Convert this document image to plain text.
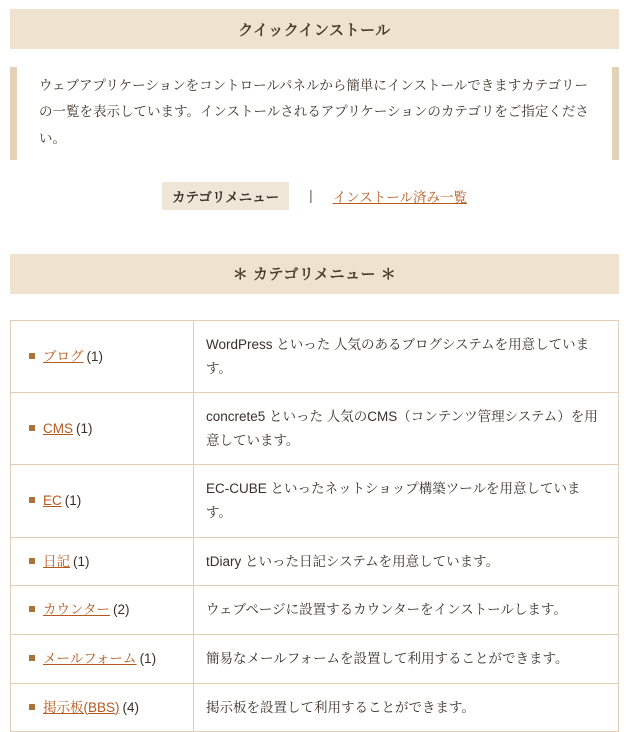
クイックインストール
ウェブアプリケーションをコントロールパネルから簡単にインストールできますカテゴリーの一覧を表示しています。インストールされるアプリケーションのカテゴリをご指定ください。
カテゴリメニュー	|	インストール済み一覧
＊ カテゴリメニュー ＊
ブログ (1)	WordPress といった 人気のあるブログシステムを用意しています。
CMS (1)	concrete5 といった 人気のCMS（コンテンツ管理システム）を用意しています。
EC (1)	EC-CUBE といったネットショップ構築ツールを用意しています。
日記 (1)	tDiary といった日記システムを用意しています。
カウンター (2)	ウェブページに設置するカウンターをインストールします。
メールフォーム (1)	簡易なメールフォームを設置して利用することができます。
掲示板(BBS) (4)	掲示板を設置して利用することができます。
